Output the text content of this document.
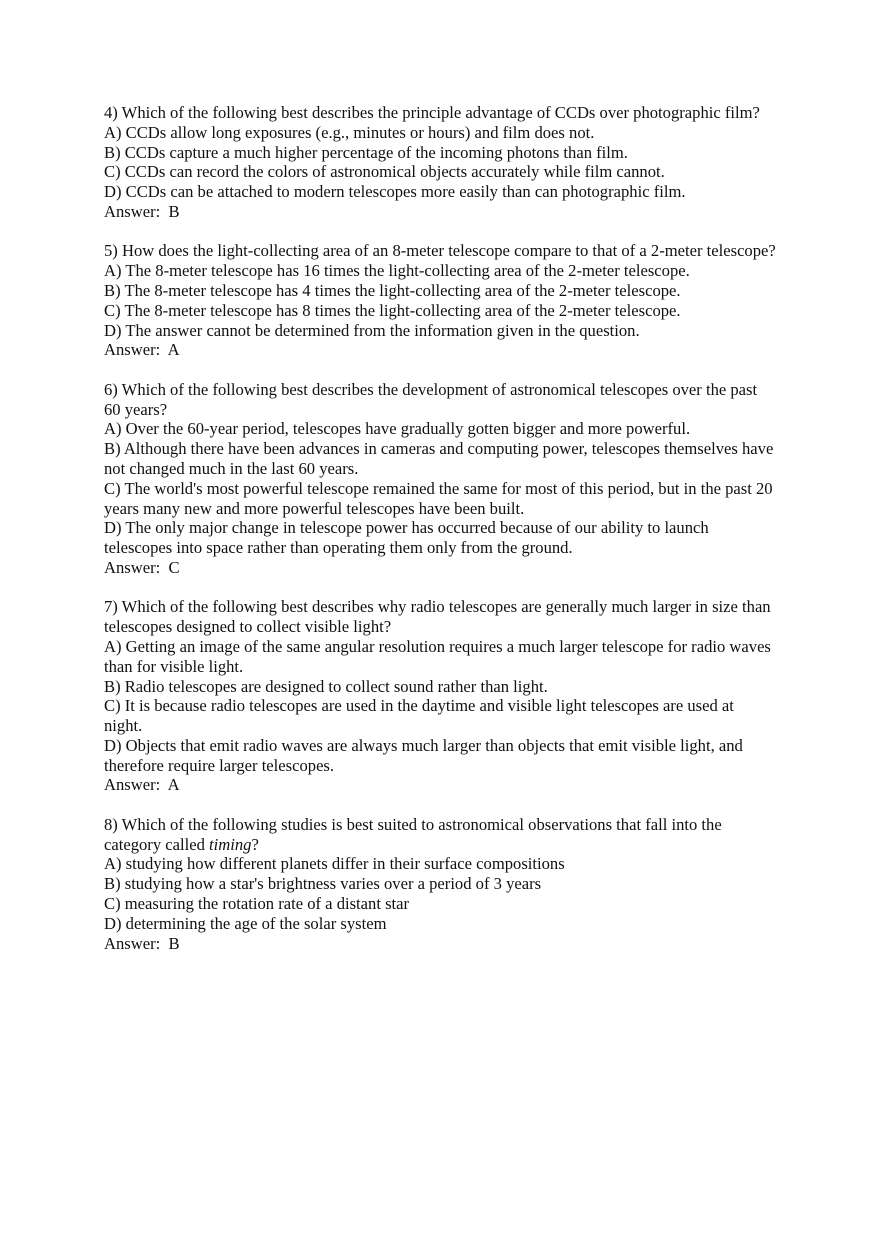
4) Which of the following best describes the principle advantage of CCDs over photographic film?
A) CCDs allow long exposures (e.g., minutes or hours) and film does not.
B) CCDs capture a much higher percentage of the incoming photons than film.
C) CCDs can record the colors of astronomical objects accurately while film cannot.
D) CCDs can be attached to modern telescopes more easily than can photographic film.
Answer:  B
5) How does the light-collecting area of an 8-meter telescope compare to that of a 2-meter telescope?
A) The 8-meter telescope has 16 times the light-collecting area of the 2-meter telescope.
B) The 8-meter telescope has 4 times the light-collecting area of the 2-meter telescope.
C) The 8-meter telescope has 8 times the light-collecting area of the 2-meter telescope.
D) The answer cannot be determined from the information given in the question.
Answer:  A
6) Which of the following best describes the development of astronomical telescopes over the past 60 years?
A) Over the 60-year period, telescopes have gradually gotten bigger and more powerful.
B) Although there have been advances in cameras and computing power, telescopes themselves have not changed much in the last 60 years.
C) The world's most powerful telescope remained the same for most of this period, but in the past 20 years many new and more powerful telescopes have been built.
D) The only major change in telescope power has occurred because of our ability to launch telescopes into space rather than operating them only from the ground.
Answer:  C
7) Which of the following best describes why radio telescopes are generally much larger in size than telescopes designed to collect visible light?
A) Getting an image of the same angular resolution requires a much larger telescope for radio waves than for visible light.
B) Radio telescopes are designed to collect sound rather than light.
C) It is because radio telescopes are used in the daytime and visible light telescopes are used at night.
D) Objects that emit radio waves are always much larger than objects that emit visible light, and therefore require larger telescopes.
Answer:  A
8) Which of the following studies is best suited to astronomical observations that fall into the category called timing?
A) studying how different planets differ in their surface compositions
B) studying how a star's brightness varies over a period of 3 years
C) measuring the rotation rate of a distant star
D) determining the age of the solar system
Answer:  B
